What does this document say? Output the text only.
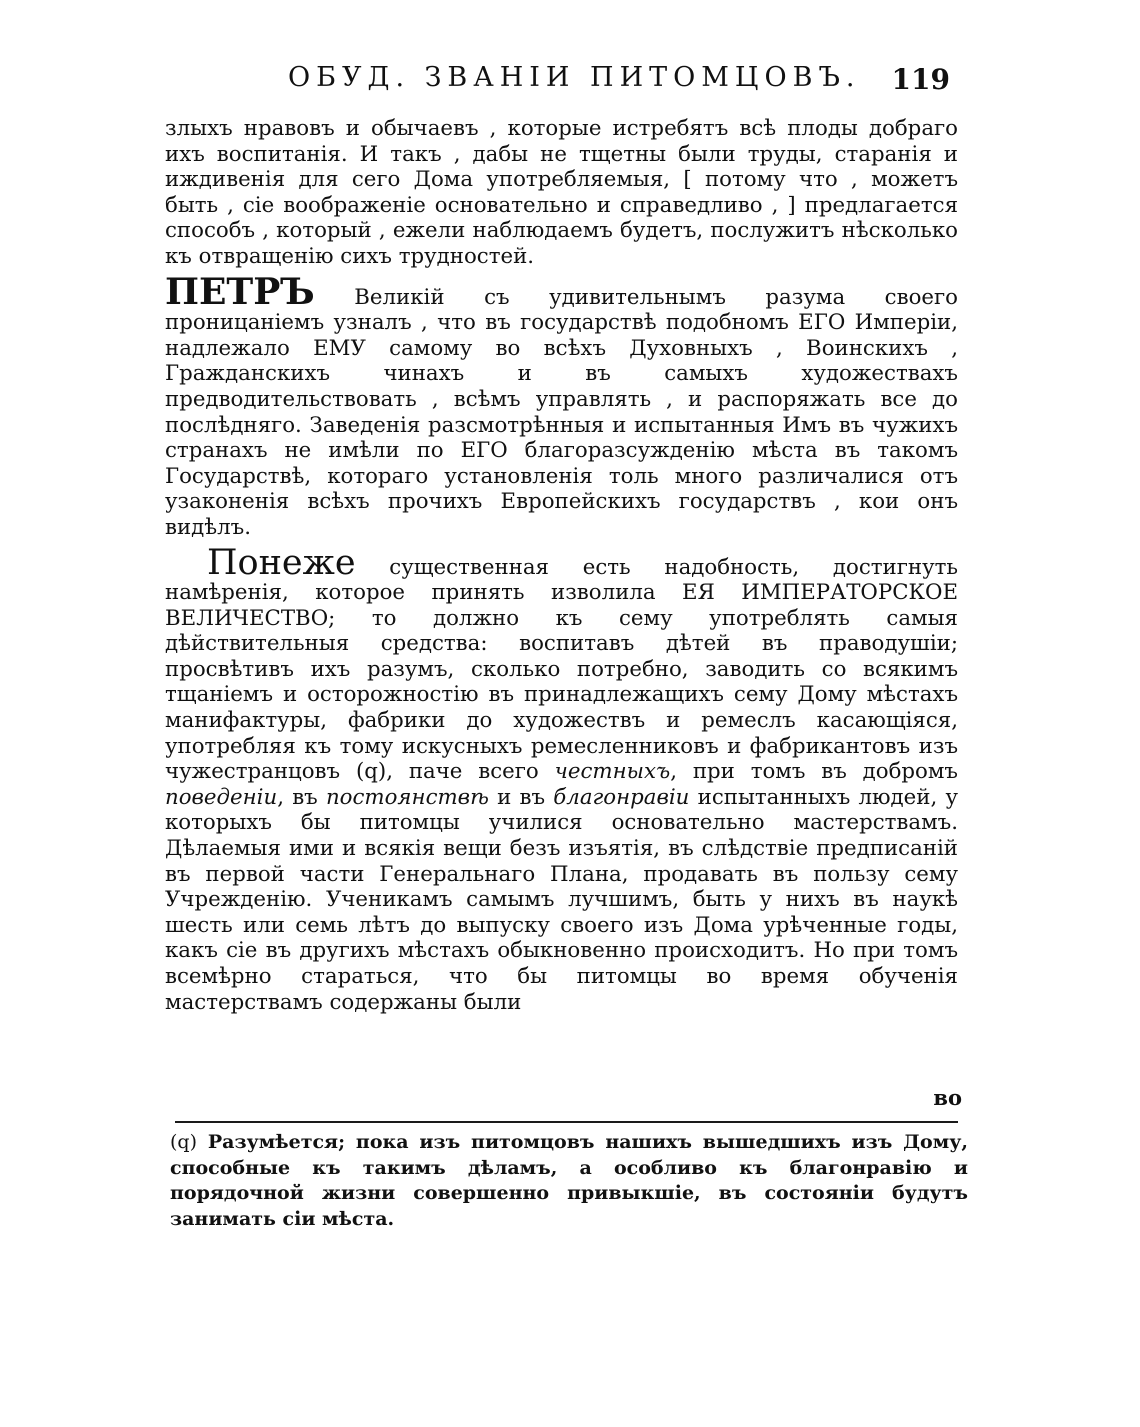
ОБУД. ЗВАНІИ ПИТОМЦОВЪ. 119

злыхъ нравовъ и обычаевъ , которые истребятъ всѣ плоды добраго ихъ воспитанія. И такъ , дабы не тщетны были труды, старанія и иждивенія для сего Дома употребляемыя, [ потому что , можетъ быть , сіе воображеніе основательно и справедливо , ] предлагается способъ , который , ежели наблюдаемъ будетъ, послужитъ нѣсколько къ отвращенію сихъ трудностей.

ПЕТРЪ Великій съ удивительнымъ разума своего проницаніемъ узналъ , что въ государствѣ подобномъ ЕГО Имперіи, надлежало ЕМУ самому во всѣхъ Духовныхъ , Воинскихъ , Гражданскихъ чинахъ и въ самыхъ художествахъ предводительствовать , всѣмъ управлять , и распоряжать все до послѣдняго. Заведенія разсмотрѣнныя и испытанныя Имъ въ чужихъ странахъ не имѣли по ЕГО благоразсужденію мѣста въ такомъ Государствѣ, котораго установленія толь много различалися отъ узаконенія всѣхъ прочихъ Европейскихъ государствъ , кои онъ видѣлъ.

Понеже существенная есть надобность, достигнуть намѣренія, которое принять изволила ЕЯ ИМПЕРАТОРСКОЕ ВЕЛИЧЕСТВО; то должно къ сему употреблять самыя дѣйствительныя средства: воспитавъ дѣтей въ праводушіи; просвѣтивъ ихъ разумъ, сколько потребно, заводить со всякимъ тщаніемъ и осторожностію въ принадлежащихъ сему Дому мѣстахъ манифактуры, фабрики до художествъ и ремеслъ касающіяся, употребляя къ тому искусныхъ ремесленниковъ и фабрикантовъ изъ чужестранцовъ (q), паче всего честныхъ, при томъ въ добромъ поведеніи, въ постоянствѣ и въ благонравіи испытанныхъ людей, у которыхъ бы питомцы училися основательно мастерствамъ. Дѣлаемыя ими и всякія вещи безъ изъятія, въ слѣдствіе предписаній въ первой части Генеральнаго Плана, продавать въ пользу сему Учрежденію. Ученикамъ самымъ лучшимъ, быть у нихъ въ наукѣ шесть или семь лѣтъ до выпуску своего изъ Дома урѣченные годы, какъ сіе въ другихъ мѣстахъ обыкновенно происходитъ. Но при томъ всемѣрно стараться, что бы питомцы во время обученія мастерствамъ содержаны были

во

(q) Разумѣется; пока изъ питомцовъ нашихъ вышедшихъ изъ Дому, способные къ такимъ дѣламъ, а особливо къ благонравію и порядочной жизни совершенно привыкшіе, въ состояніи будутъ занимать сіи мѣста.
